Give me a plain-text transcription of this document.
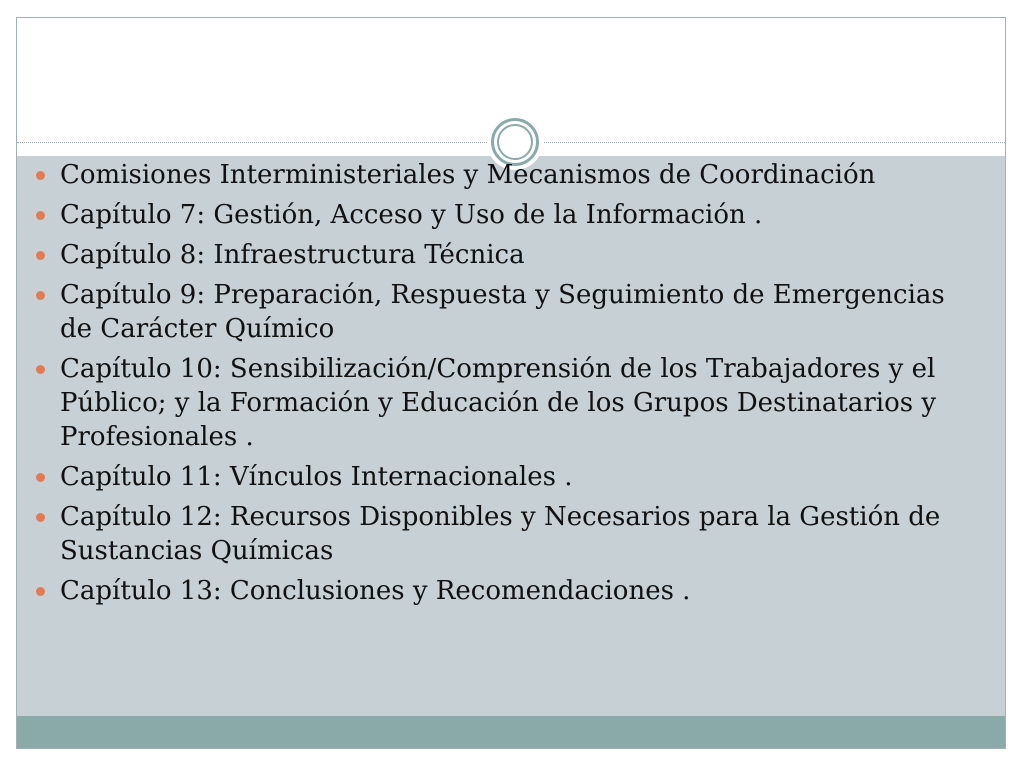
Comisiones Interministeriales y Mecanismos de Coordinación
Capítulo 7: Gestión, Acceso y Uso de la Información .
Capítulo 8: Infraestructura Técnica
Capítulo 9: Preparación, Respuesta y Seguimiento de Emergencias de Carácter Químico
Capítulo 10: Sensibilización/Comprensión de los Trabajadores y el Público; y la Formación y Educación de los Grupos Destinatarios y Profesionales .
Capítulo 11: Vínculos Internacionales .
Capítulo 12: Recursos Disponibles y Necesarios para la Gestión de Sustancias Químicas
Capítulo 13: Conclusiones y Recomendaciones .
